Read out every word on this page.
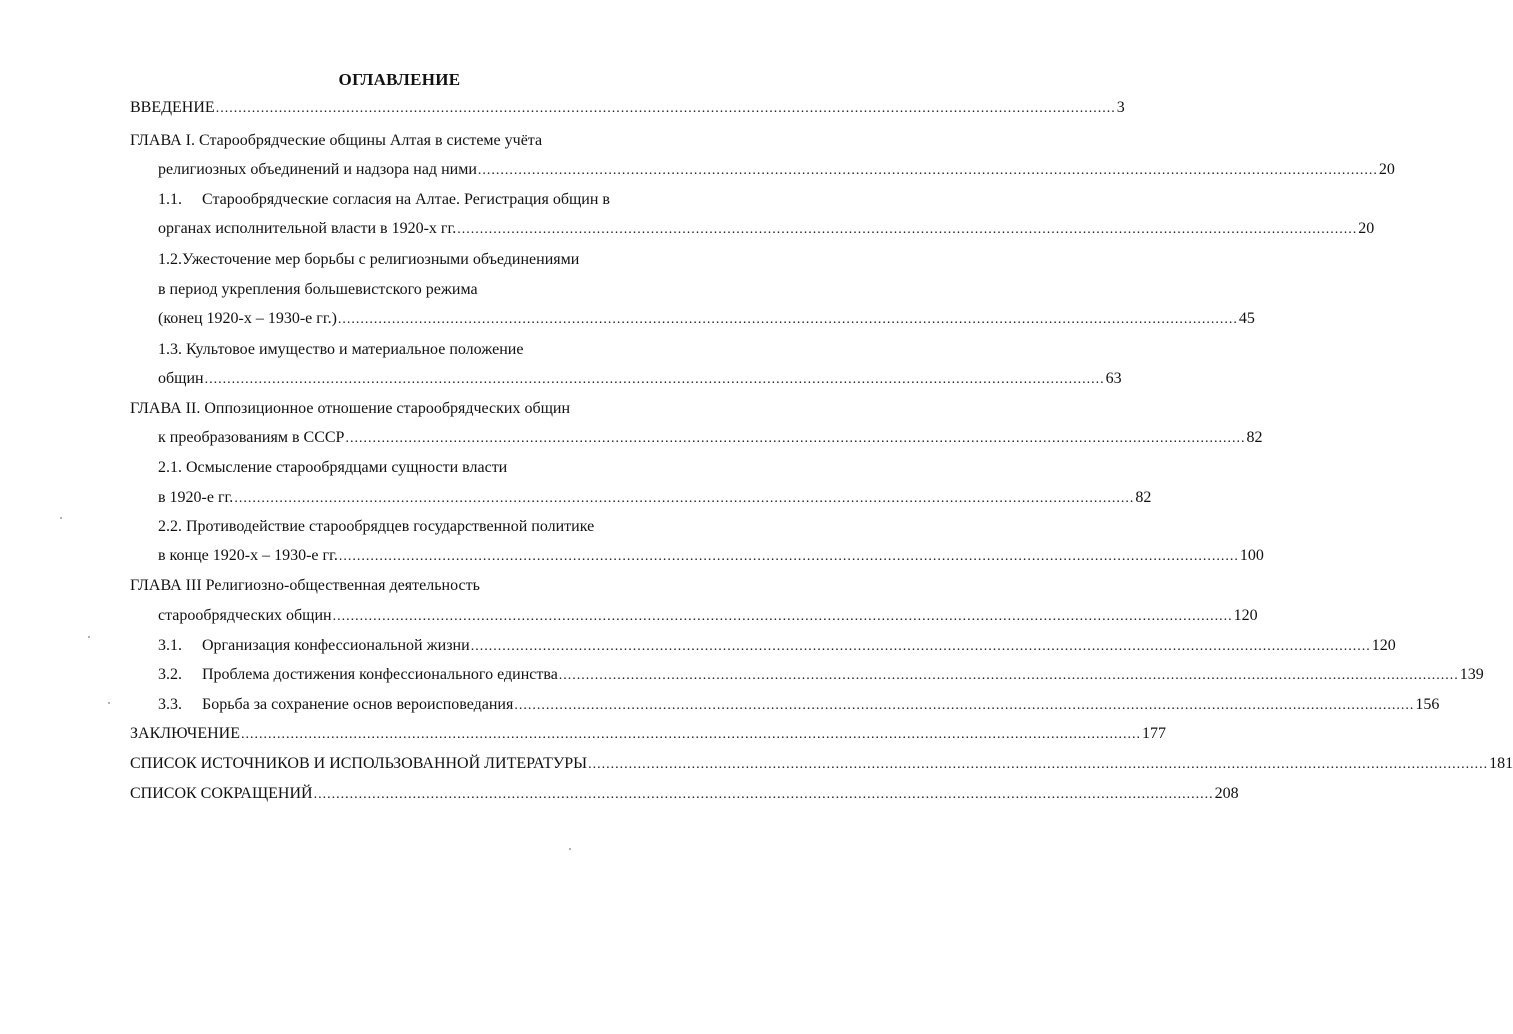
ОГЛАВЛЕНИЕ
ВВЕДЕНИЕ ........................................................................................................................................................................................................ 3
ГЛАВА I. Старообрядческие общины Алтая в системе учёта
религиозных объединений и надзора над ними ........................................................................................................................................................................................................ 20
1.1. Старообрядческие согласия на Алтае. Регистрация общин в
органах исполнительной власти в 1920-х гг. ........................................................................................................................................................................................................ 20
1.2.Ужесточение мер борьбы с религиозными объединениями
в период укрепления большевистского режима
(конец 1920-х – 1930-е гг.) ........................................................................................................................................................................................................ 45
1.3. Культовое имущество и материальное положение
общин ........................................................................................................................................................................................................ 63
ГЛАВА II. Оппозиционное отношение старообрядческих общин
к преобразованиям в СССР ........................................................................................................................................................................................................ 82
2.1. Осмысление старообрядцами сущности власти
в 1920-е гг. ........................................................................................................................................................................................................ 82
2.2. Противодействие старообрядцев государственной политике
в конце 1920-х – 1930-е гг. ........................................................................................................................................................................................................ 100
ГЛАВА III Религиозно-общественная деятельность
старообрядческих общин ........................................................................................................................................................................................................ 120
3.1. Организация конфессиональной жизни ........................................................................................................................................................................................................ 120
3.2. Проблема достижения конфессионального единства ........................................................................................................................................................................................................ 139
3.3. Борьба за сохранение основ вероисповедания ........................................................................................................................................................................................................ 156
ЗАКЛЮЧЕНИЕ ........................................................................................................................................................................................................ 177
СПИСОК ИСТОЧНИКОВ И ИСПОЛЬЗОВАННОЙ ЛИТЕРАТУРЫ ........................................................................................................................................................................................................ 181
СПИСОК СОКРАЩЕНИЙ ........................................................................................................................................................................................................ 208
